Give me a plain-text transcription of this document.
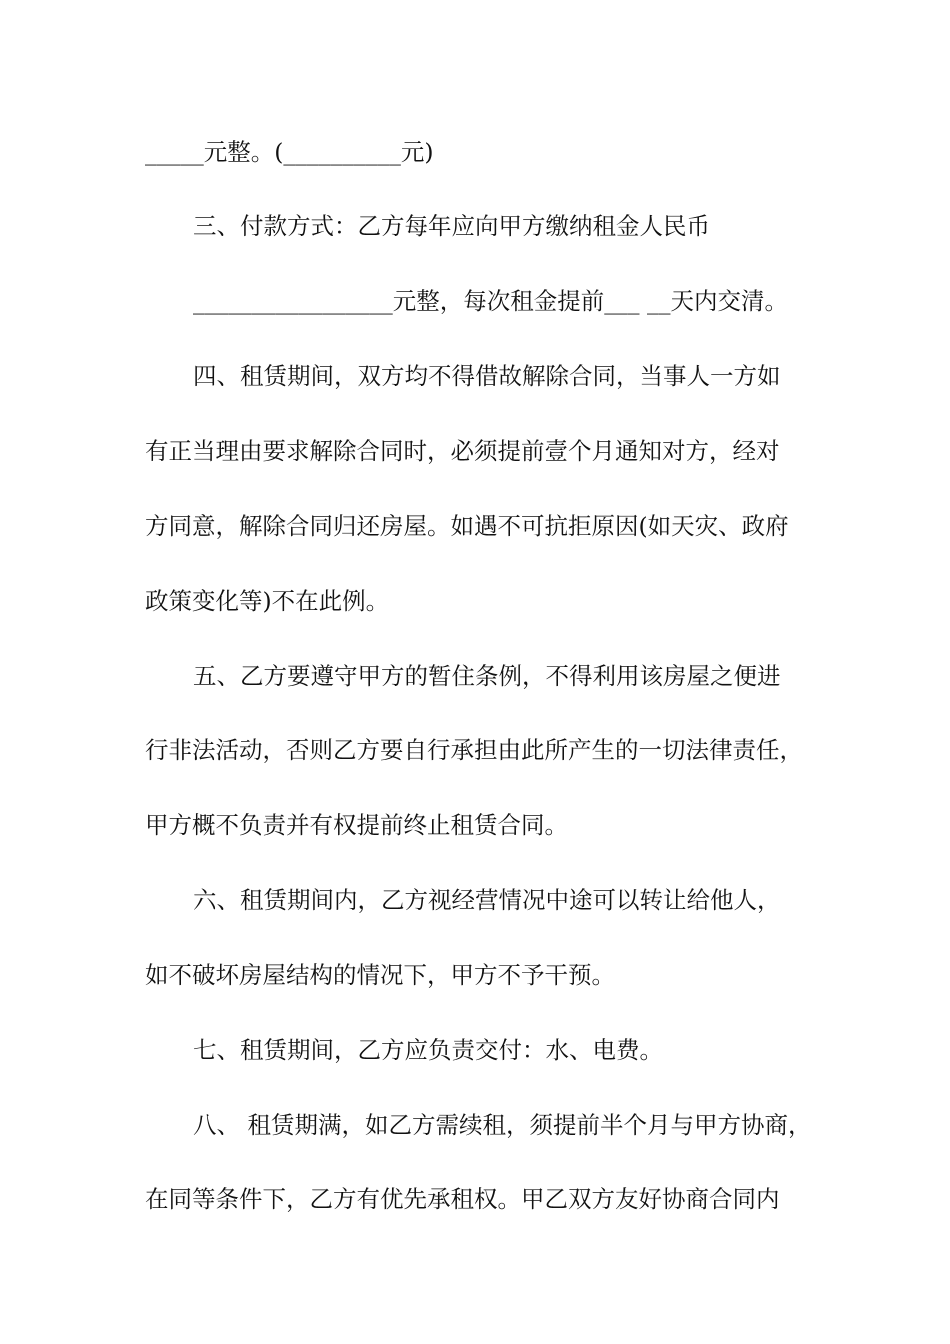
_____元整。(__________元)
三、付款方式：乙方每年应向甲方缴纳租金人民币
_________________元整，每次租金提前___ __天内交清。
四、租赁期间，双方均不得借故解除合同，当事人一方如
有正当理由要求解除合同时，必须提前壹个月通知对方，经对
方同意，解除合同归还房屋。如遇不可抗拒原因(如天灾、政府
政策变化等)不在此例。
五、乙方要遵守甲方的暂住条例，不得利用该房屋之便进
行非法活动，否则乙方要自行承担由此所产生的一切法律责任，
甲方概不负责并有权提前终止租赁合同。
六、租赁期间内，乙方视经营情况中途可以转让给他人，
如不破坏房屋结构的情况下，甲方不予干预。
七、租赁期间，乙方应负责交付：水、电费。
八、 租赁期满，如乙方需续租，须提前半个月与甲方协商，
在同等条件下，乙方有优先承租权。甲乙双方友好协商合同内
